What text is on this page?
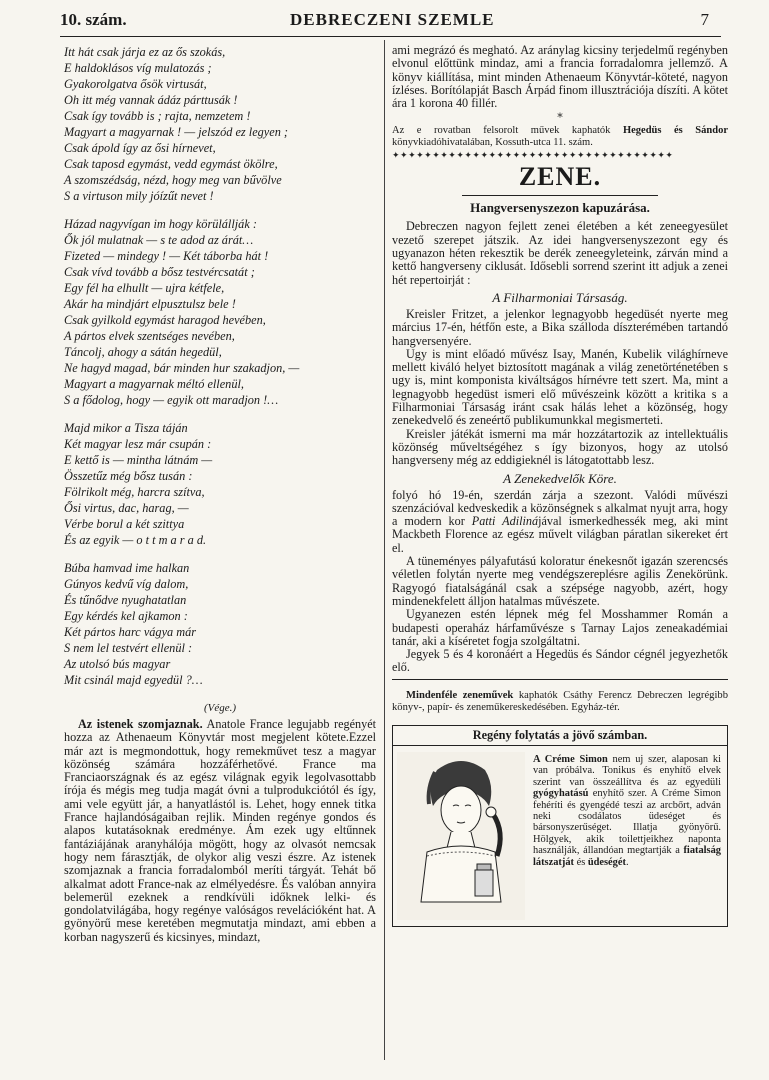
10. szám.	DEBRECZENI SZEMLE	7
Itt hát csak járja ez az ős szokás,
E haldoklásos víg mulatozás ;
Gyakorolgatva ősök virtusát,
Oh itt még vannak ádáz párttusák !
Csak így tovább is ; rajta, nemzetem !
Magyart a magyarnak ! — jelszód ez legyen ;
Csak ápold így az ősi hírnevet,
Csak taposd egymást, vedd egymást ökölre,
A szomszédság, nézd, hogy meg van bűvölve
S a virtuson mily jóízűt nevet !
Házad nagyvígan im hogy körülállják :
Ők jól mulatnak — s te adod az árát…
Fizeted — mindegy ! — Két táborba hát !
Csak vívd tovább a bősz testvércsatát ;
Egy fél ha elhullt — ujra kétfele,
Akár ha mindjárt elpusztulsz bele !
Csak gyilkold egymást haragod hevében,
A pártos elvek szentséges nevében,
Táncolj, ahogy a sátán hegedül,
Ne hagyd magad, bár minden hur szakadjon, —
Magyart a magyarnak méltó ellenül,
S a fődolog, hogy — egyik ott maradjon !…
Majd mikor a Tisza táján
Két magyar lesz már csupán :
E kettő is — mintha látnám —
Összetűz még bősz tusán :
Fölrikolt még, harcra szítva,
Ősi virtus, dac, harag, —
Vérbe borul a két szittya
És az egyik — o t t m a r a d.
Búba hamvad ime halkan
Gúnyos kedvű víg dalom,
És tűnődve nyughatatlan
Egy kérdés kel ajkamon :
Két pártos harc vágya már
S nem lel testvért ellenül :
Az utolsó bús magyar
Mit csinál majd egyedül ?…
(Vége.)

Az istenek szomjaznak. Anatole France legujabb regényét hozza az Athenaeum Könyvtár most megjelent kötete.Ezzel már azt is megmondottuk, hogy remekművet tesz a magyar közönség számára hozzáférhetővé. France ma Franciaországnak és az egész világnak egyik legolvasottabb írója és mégis meg tudja magát óvni a tulprodukciótól és így, ami vele együtt jár, a hanyatlástól is. Lehet, hogy ennek titka France hajlandóságaiban rejlik. Minden regénye gondos és alapos kutatásoknak eredménye. Ám ezek ugy eltűnnek fantáziájának aranyhálója mögött, hogy az olvasót nemcsak hogy nem fárasztják, de olykor alig veszi észre. Az istenek szomjaznak a francia forradalomból meríti tárgyát. Tehát bő alkalmat adott France-nak az elmélyedésre. És valóban annyira belemerül ezeknek a rendkívüli időknek lelki- és gondolatvilágába, hogy regénye valóságos revelációként hat. A gyönyörű mese keretében megmutatja mindazt, ami ebben a korban nagyszerű és kicsinyes, mindazt,

ami megrázó és megható. Az aránylag kicsiny terjedelmű regényben elvonul előttünk mindaz, ami a francia forradalomra jellemző. A könyv kiállítása, mint minden Athenaeum Könyvtár-köteté, nagyon ízléses. Borítólapját Basch Árpád finom illusztrációja díszíti. A kötet ára 1 korona 40 fillér.

*

Az e rovatban felsorolt művek kaphatók Hegedüs és Sándor könyvkiadóhivatalában, Kossuth-utca 11. szám.

✦✦✦✦✦✦✦✦✦✦✦✦✦✦✦✦✦✦✦✦✦✦✦✦✦✦✦✦✦✦✦✦✦✦✦
ZENE.
Hangversenyszezon kapuzárása.

Debreczen nagyon fejlett zenei életében a két zeneegyesület vezető szerepet játszik. Az idei hangversenyszezont egy és ugyanazon héten rekesztik be derék zeneegyleteink, zárván mind a kettő hangverseny ciklusát. Idősebli sorrend szerint itt adjuk a zenei hét repertoirját :

A Filharmoniai Társaság.

Kreisler Fritzet, a jelenkor legnagyobb hegedüsét nyerte meg március 17-én, hétfőn este, a Bika szálloda díszterémében tartandó hangversenyére.

Ugy is mint előadó művész Isay, Manén, Kubelik világhírneve mellett kiváló helyet biztosított magának a világ zenetörténetében s ugy is, mint komponista kiváltságos hírnévre tett szert. Ma, mint a legnagyobb hegedüst ismeri elő művészeink között a kritika s a Filharmoniai Társaság iránt csak hálás lehet a közönség, hogy zenekedvelő és zeneértő publikumunkkal megismerteti.

Kreisler játékát ismerni ma már hozzátartozik az intellektuális közönség műveltségéhez s így bizonyos, hogy az utolsó hangverseny még az eddigieknél is látogatottabb lesz.

A Zenekedvelők Köre.

folyó hó 19-én, szerdán zárja a szezont. Valódi művészi szenzációval kedveskedik a közönségnek s alkalmat nyujt arra, hogy a modern kor Patti Adilinájával ismerkedhessék meg, aki mint Mackbeth Florence az egész művelt világban páratlan sikereket ért el.

A tüneményes pályafutású koloratur énekesnőt igazán szerencsés véletlen folytán nyerte meg vendégszereplésre agilis Zenekörünk. Ragyogó fiatalságánál csak a szépsége nagyobb, azért, hogy mindenekfelett álljon hatalmas művészete.

Ugyanezen estén lépnek még fel Mosshammer Román a budapesti operaház hárfaművésze s Tarnay Lajos zeneakadémiai tanár, aki a kíséretet fogja szolgáltatni.

Jegyek 5 és 4 koronáért a Hegedüs és Sándor cégnél jegyezhetők elő.

Mindenféle zeneművek kaphatók Csáthy Ferencz Debreczen legrégibb könyv-, papír- és zeneműkereskedésében. Egyház-tér.

Regény folytatás a jövő számban.
A Créme Simon nem uj szer, alaposan ki van próbálva. Tonikus és enyhítő elvek szerint van összeállítva és az egyedüli gyógyhatású enyhítő szer. A Créme Simon fehéríti és gyengédé teszi az arcbőrt, adván neki csodálatos üdeséget és bársonyszerűséget. Illatja gyönyörű. Hölgyek, akik toilettjeikhez naponta használják, állandóan megtartják a fiatalság látszatját és üdeségét.
